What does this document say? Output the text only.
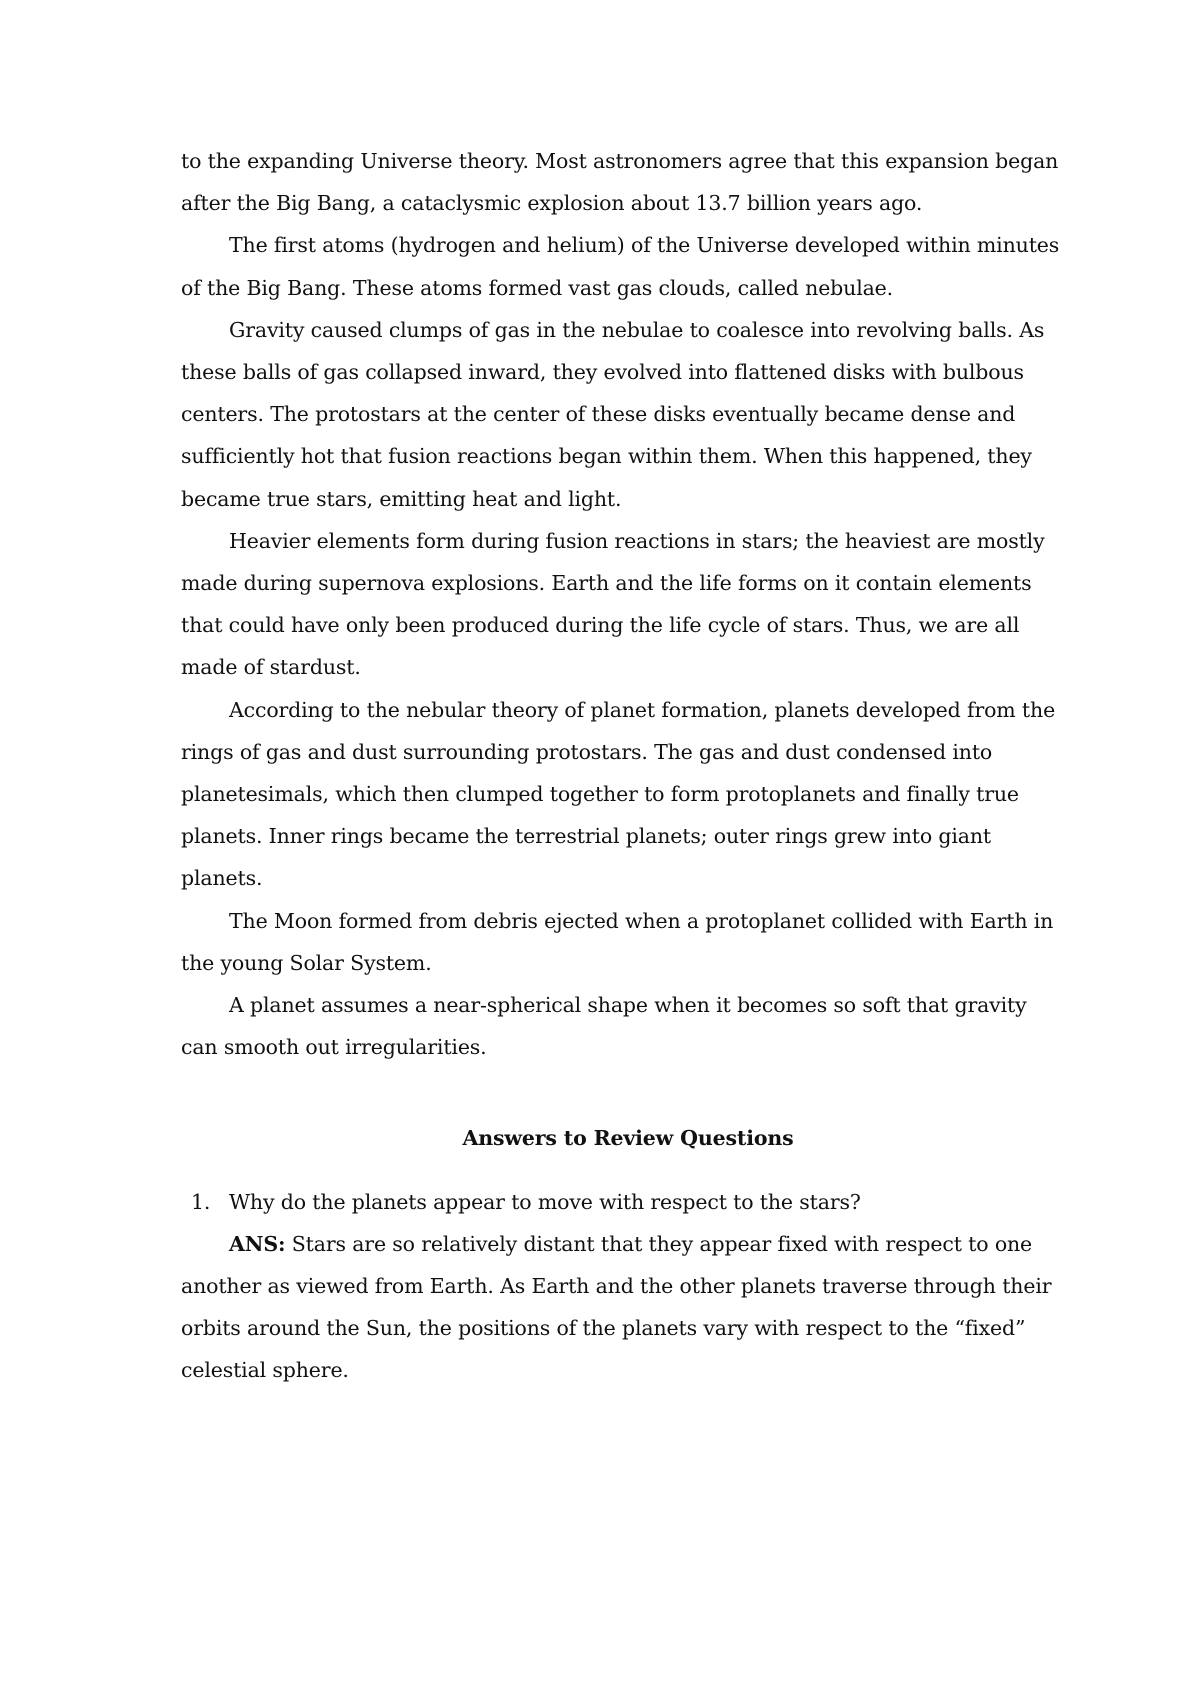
to the expanding Universe theory. Most astronomers agree that this expansion began after the Big Bang, a cataclysmic explosion about 13.7 billion years ago.

The first atoms (hydrogen and helium) of the Universe developed within minutes of the Big Bang. These atoms formed vast gas clouds, called nebulae.

Gravity caused clumps of gas in the nebulae to coalesce into revolving balls. As these balls of gas collapsed inward, they evolved into flattened disks with bulbous centers. The protostars at the center of these disks eventually became dense and sufficiently hot that fusion reactions began within them. When this happened, they became true stars, emitting heat and light.

Heavier elements form during fusion reactions in stars; the heaviest are mostly made during supernova explosions. Earth and the life forms on it contain elements that could have only been produced during the life cycle of stars. Thus, we are all made of stardust.

According to the nebular theory of planet formation, planets developed from the rings of gas and dust surrounding protostars. The gas and dust condensed into planetesimals, which then clumped together to form protoplanets and finally true planets. Inner rings became the terrestrial planets; outer rings grew into giant planets.

The Moon formed from debris ejected when a protoplanet collided with Earth in the young Solar System.

A planet assumes a near-spherical shape when it becomes so soft that gravity can smooth out irregularities.

Answers to Review Questions

1. Why do the planets appear to move with respect to the stars?

ANS: Stars are so relatively distant that they appear fixed with respect to one another as viewed from Earth. As Earth and the other planets traverse through their orbits around the Sun, the positions of the planets vary with respect to the “fixed” celestial sphere.
